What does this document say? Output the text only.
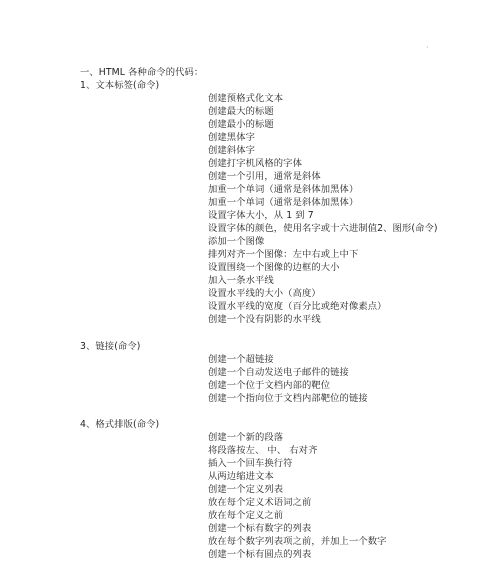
·
一、HTML 各种命令的代码：
1、文本标签(命令)
创建预格式化文本
创建最大的标题
创建最小的标题
创建黑体字
创建斜体字
创建打字机风格的字体
创建一个引用，通常是斜体
加重一个单词（通常是斜体加黑体）
加重一个单词（通常是斜体加黑体）
设置字体大小，从 1 到 7
设置字体的颜色，使用名字或十六进制值2、图形(命令)
添加一个图像
排列对齐一个图像：左中右或上中下
设置围绕一个图像的边框的大小
加入一条水平线
设置水平线的大小（高度）
设置水平线的宽度（百分比或绝对像素点）
创建一个没有阴影的水平线
3、链接(命令)
创建一个超链接
创建一个自动发送电子邮件的链接
创建一个位于文档内部的靶位
创建一个指向位于文档内部靶位的链接
4、格式排版(命令)
创建一个新的段落
将段落按左、 中、 右对齐
插入一个回车换行符
从两边缩进文本
创建一个定义列表
放在每个定义术语词之前
放在每个定义之前
创建一个标有数字的列表
放在每个数字列表项之前，并加上一个数字
创建一个标有圆点的列表
